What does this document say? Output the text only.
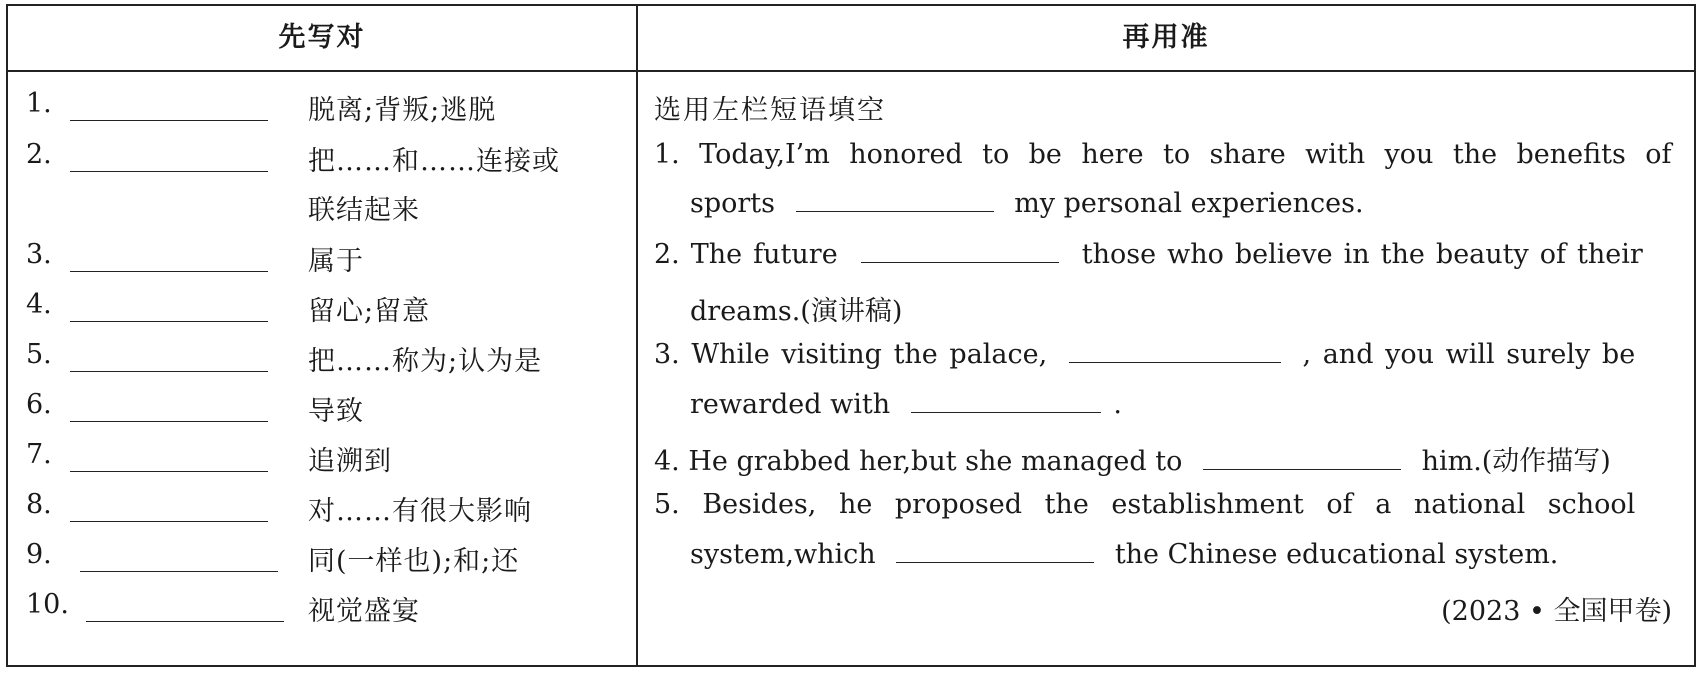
先写对	再用准
1.	脱离;背叛;逃脱
2.	把……和……连接或
联结起来
3.	属于
4.	留心;留意
5.	把……称为;认为是
6.	导致
7.	追溯到
8.	对……有很大影响
9.	同(一样也);和;还
10.	视觉盛宴
选用左栏短语填空
1. Today,I’m honored to be here to share with you the benefits of
sports	my personal experiences.
2. The future	those who believe in the beauty of their
dreams.(演讲稿)
3. While visiting the palace,	, and you will surely be
rewarded with	.
4. He grabbed her,but she managed to	him.(动作描写)
5. Besides, he proposed the establishment of a national school
system,which	the Chinese educational system.
(2023 • 全国甲卷)
